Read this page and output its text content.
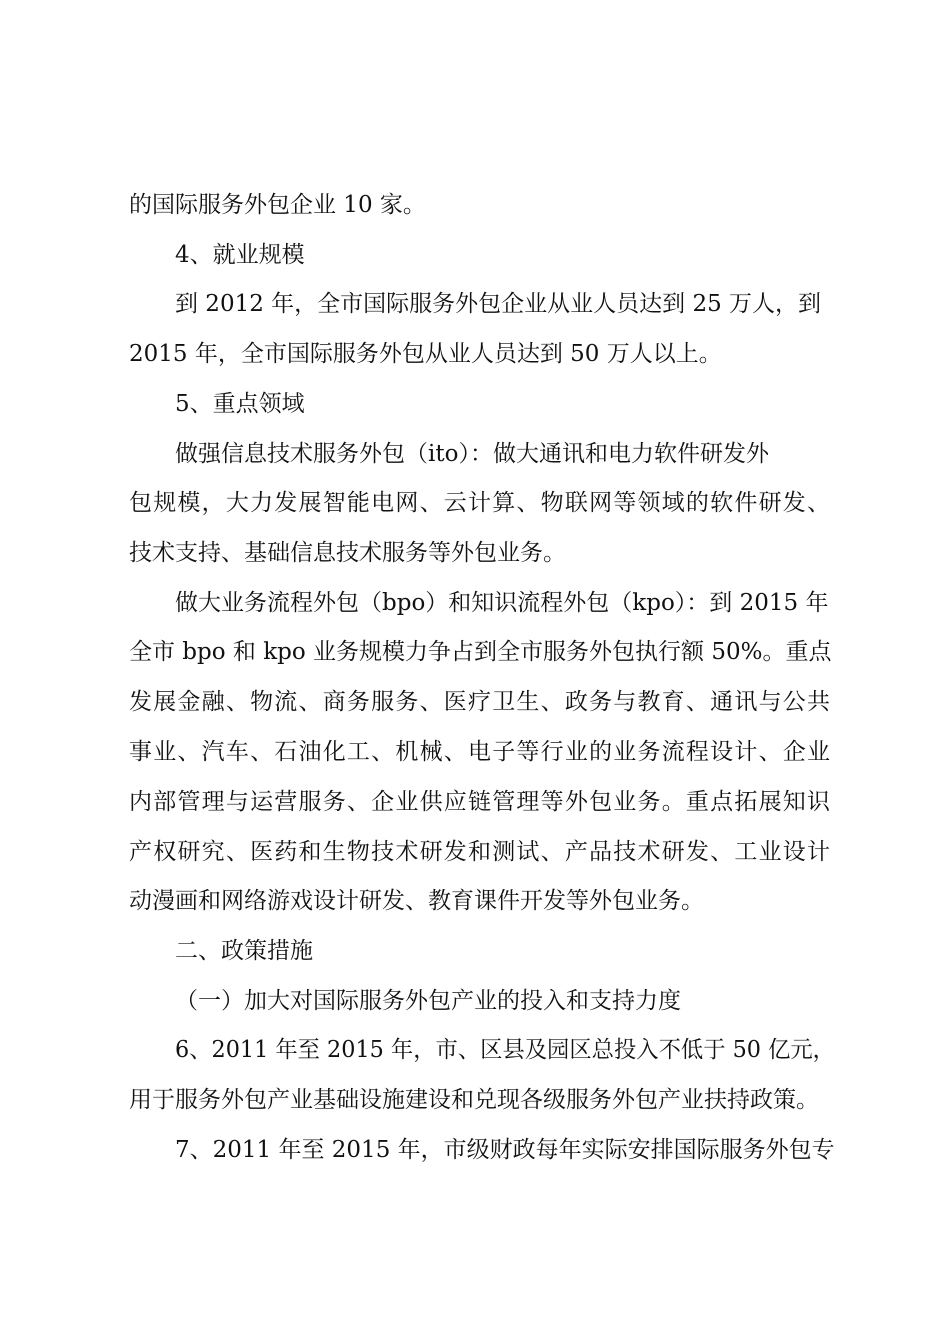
的国际服务外包企业 10 家。
4、就业规模
到 2012 年，全市国际服务外包企业从业人员达到 25 万人，到
2015 年，全市国际服务外包从业人员达到 50 万人以上。
5、重点领域
做强信息技术服务外包（ito）：做大通讯和电力软件研发外
包规模，大力发展智能电网、云计算、物联网等领域的软件研发、
技术支持、基础信息技术服务等外包业务。
做大业务流程外包（bpo）和知识流程外包（kpo）：到 2015 年
全市 bpo 和 kpo 业务规模力争占到全市服务外包执行额 50%。重点
发展金融、物流、商务服务、医疗卫生、政务与教育、通讯与公共
事业、汽车、石油化工、机械、电子等行业的业务流程设计、企业
内部管理与运营服务、企业供应链管理等外包业务。重点拓展知识
产权研究、医药和生物技术研发和测试、产品技术研发、工业设计
动漫画和网络游戏设计研发、教育课件开发等外包业务。
二、政策措施
（一）加大对国际服务外包产业的投入和支持力度
6、2011 年至 2015 年，市、区县及园区总投入不低于 50 亿元，
用于服务外包产业基础设施建设和兑现各级服务外包产业扶持政策。
7、2011 年至 2015 年，市级财政每年实际安排国际服务外包专
